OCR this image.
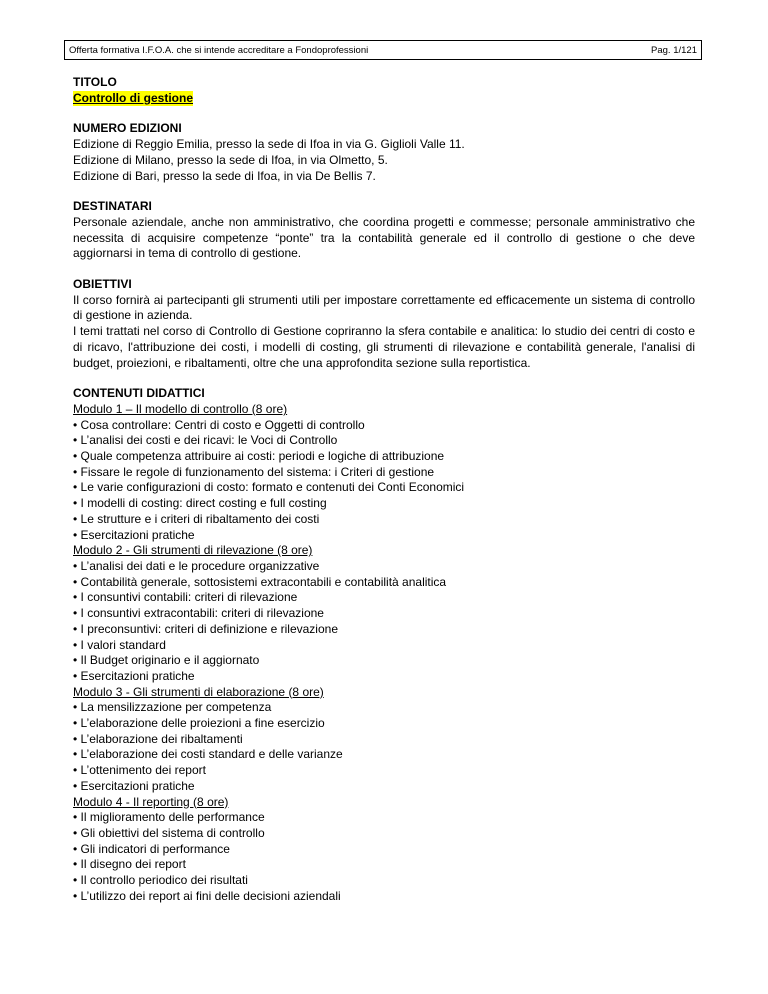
Offerta formativa I.F.O.A. che si intende accreditare a Fondoprofessioni	Pag. 1/121
TITOLO
Controllo di gestione
NUMERO EDIZIONI
Edizione di Reggio Emilia, presso la sede di Ifoa in via G. Giglioli Valle 11.
Edizione di Milano, presso la sede di Ifoa, in via Olmetto, 5.
Edizione di Bari, presso la sede di Ifoa, in via De Bellis 7.
DESTINATARI
Personale aziendale, anche non amministrativo, che coordina progetti e commesse; personale amministrativo che necessita di acquisire competenze “ponte” tra la contabilità generale ed il controllo di gestione o che deve aggiornarsi in tema di controllo di gestione.
OBIETTIVI
Il corso fornirà ai partecipanti gli strumenti utili per impostare correttamente ed efficacemente un sistema di controllo di gestione in azienda.
I temi trattati nel corso di Controllo di Gestione copriranno la sfera contabile e analitica: lo studio dei centri di costo e di ricavo, l'attribuzione dei costi, i modelli di costing, gli strumenti di rilevazione e contabilità generale, l'analisi di budget, proiezioni, e ribaltamenti, oltre che una approfondita sezione sulla reportistica.
CONTENUTI DIDATTICI
Modulo 1 – Il modello di controllo (8 ore)
• Cosa controllare: Centri di costo e Oggetti di controllo
• L’analisi dei costi e dei ricavi: le Voci di Controllo
• Quale competenza attribuire ai costi: periodi e logiche di attribuzione
• Fissare le regole di funzionamento del sistema: i Criteri di gestione
• Le varie configurazioni di costo: formato e contenuti dei Conti Economici
• I modelli di costing: direct costing e full costing
• Le strutture e i criteri di ribaltamento dei costi
• Esercitazioni pratiche
Modulo 2 - Gli strumenti di rilevazione (8 ore)
• L’analisi dei dati e le procedure organizzative
• Contabilità generale, sottosistemi extracontabili e contabilità analitica
• I consuntivi contabili: criteri di rilevazione
• I consuntivi extracontabili: criteri di rilevazione
• I preconsuntivi: criteri di definizione e rilevazione
• I valori standard
• Il Budget originario e il aggiornato
• Esercitazioni pratiche
Modulo 3 - Gli strumenti di elaborazione (8 ore)
• La mensilizzazione per competenza
• L’elaborazione delle proiezioni a fine esercizio
• L’elaborazione dei ribaltamenti
• L’elaborazione dei costi standard e delle varianze
• L’ottenimento dei report
• Esercitazioni pratiche
Modulo 4 - Il reporting (8 ore)
• Il miglioramento delle performance
• Gli obiettivi del sistema di controllo
• Gli indicatori di performance
• Il disegno dei report
• Il controllo periodico dei risultati
• L’utilizzo dei report ai fini delle decisioni aziendali
